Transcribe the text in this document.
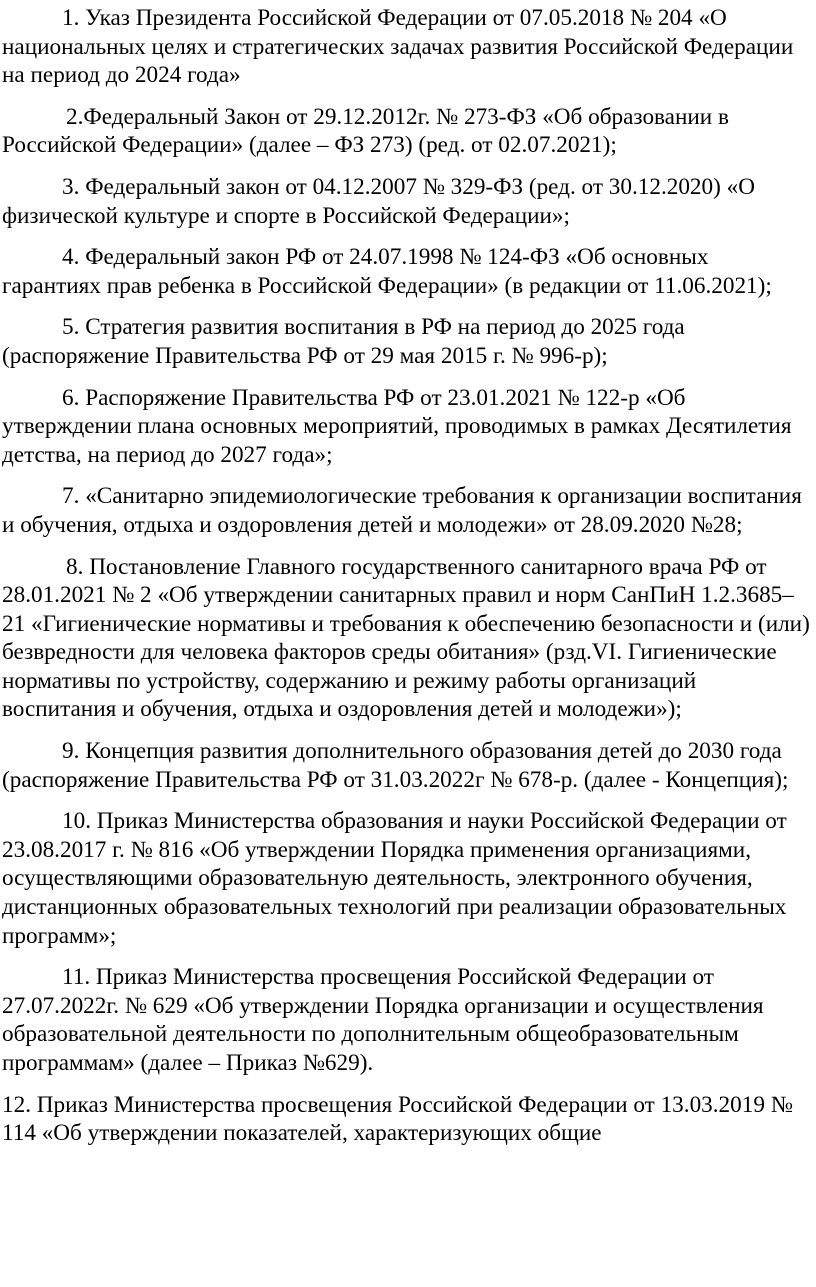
1. Указ Президента Российской Федерации от 07.05.2018 № 204 «О национальных целях и стратегических задачах развития Российской Федерации на период до 2024 года»

2.Федеральный Закон от 29.12.2012г. № 273-ФЗ «Об образовании в Российской Федерации» (далее – ФЗ 273) (ред. от 02.07.2021);

3. Федеральный закон от 04.12.2007 № 329-ФЗ (ред. от 30.12.2020) «О физической культуре и спорте в Российской Федерации»;

4. Федеральный закон РФ от 24.07.1998 № 124-ФЗ «Об основных гарантиях прав ребенка в Российской Федерации» (в редакции от 11.06.2021);

5. Стратегия развития воспитания в РФ на период до 2025 года (распоряжение Правительства РФ от 29 мая 2015 г. № 996-р);

6. Распоряжение Правительства РФ от 23.01.2021 № 122-р «Об утверждении плана основных мероприятий, проводимых в рамках Десятилетия детства, на период до 2027 года»;

7. «Санитарно эпидемиологические требования к организации воспитания и обучения, отдыха и оздоровления детей и молодежи» от 28.09.2020 №28;

8. Постановление Главного государственного санитарного врача РФ от 28.01.2021 № 2 «Об утверждении санитарных правил и норм СанПиН 1.2.3685–21 «Гигиенические нормативы и требования к обеспечению безопасности и (или) безвредности для человека факторов среды обитания» (рзд.VI. Гигиенические нормативы по устройству, содержанию и режиму работы организаций воспитания и обучения, отдыха и оздоровления детей и молодежи»);

9. Концепция развития дополнительного образования детей до 2030 года (распоряжение Правительства РФ от 31.03.2022г № 678-р. (далее - Концепция);

10. Приказ Министерства образования и науки Российской Федерации от 23.08.2017 г. № 816 «Об утверждении Порядка применения организациями, осуществляющими образовательную деятельность, электронного обучения, дистанционных образовательных технологий при реализации образовательных программ»;

11. Приказ Министерства просвещения Российской Федерации от 27.07.2022г. № 629 «Об утверждении Порядка организации и осуществления образовательной деятельности по дополнительным общеобразовательным программам» (далее – Приказ №629).

12. Приказ Министерства просвещения Российской Федерации от 13.03.2019 № 114 «Об утверждении показателей, характеризующих общие
